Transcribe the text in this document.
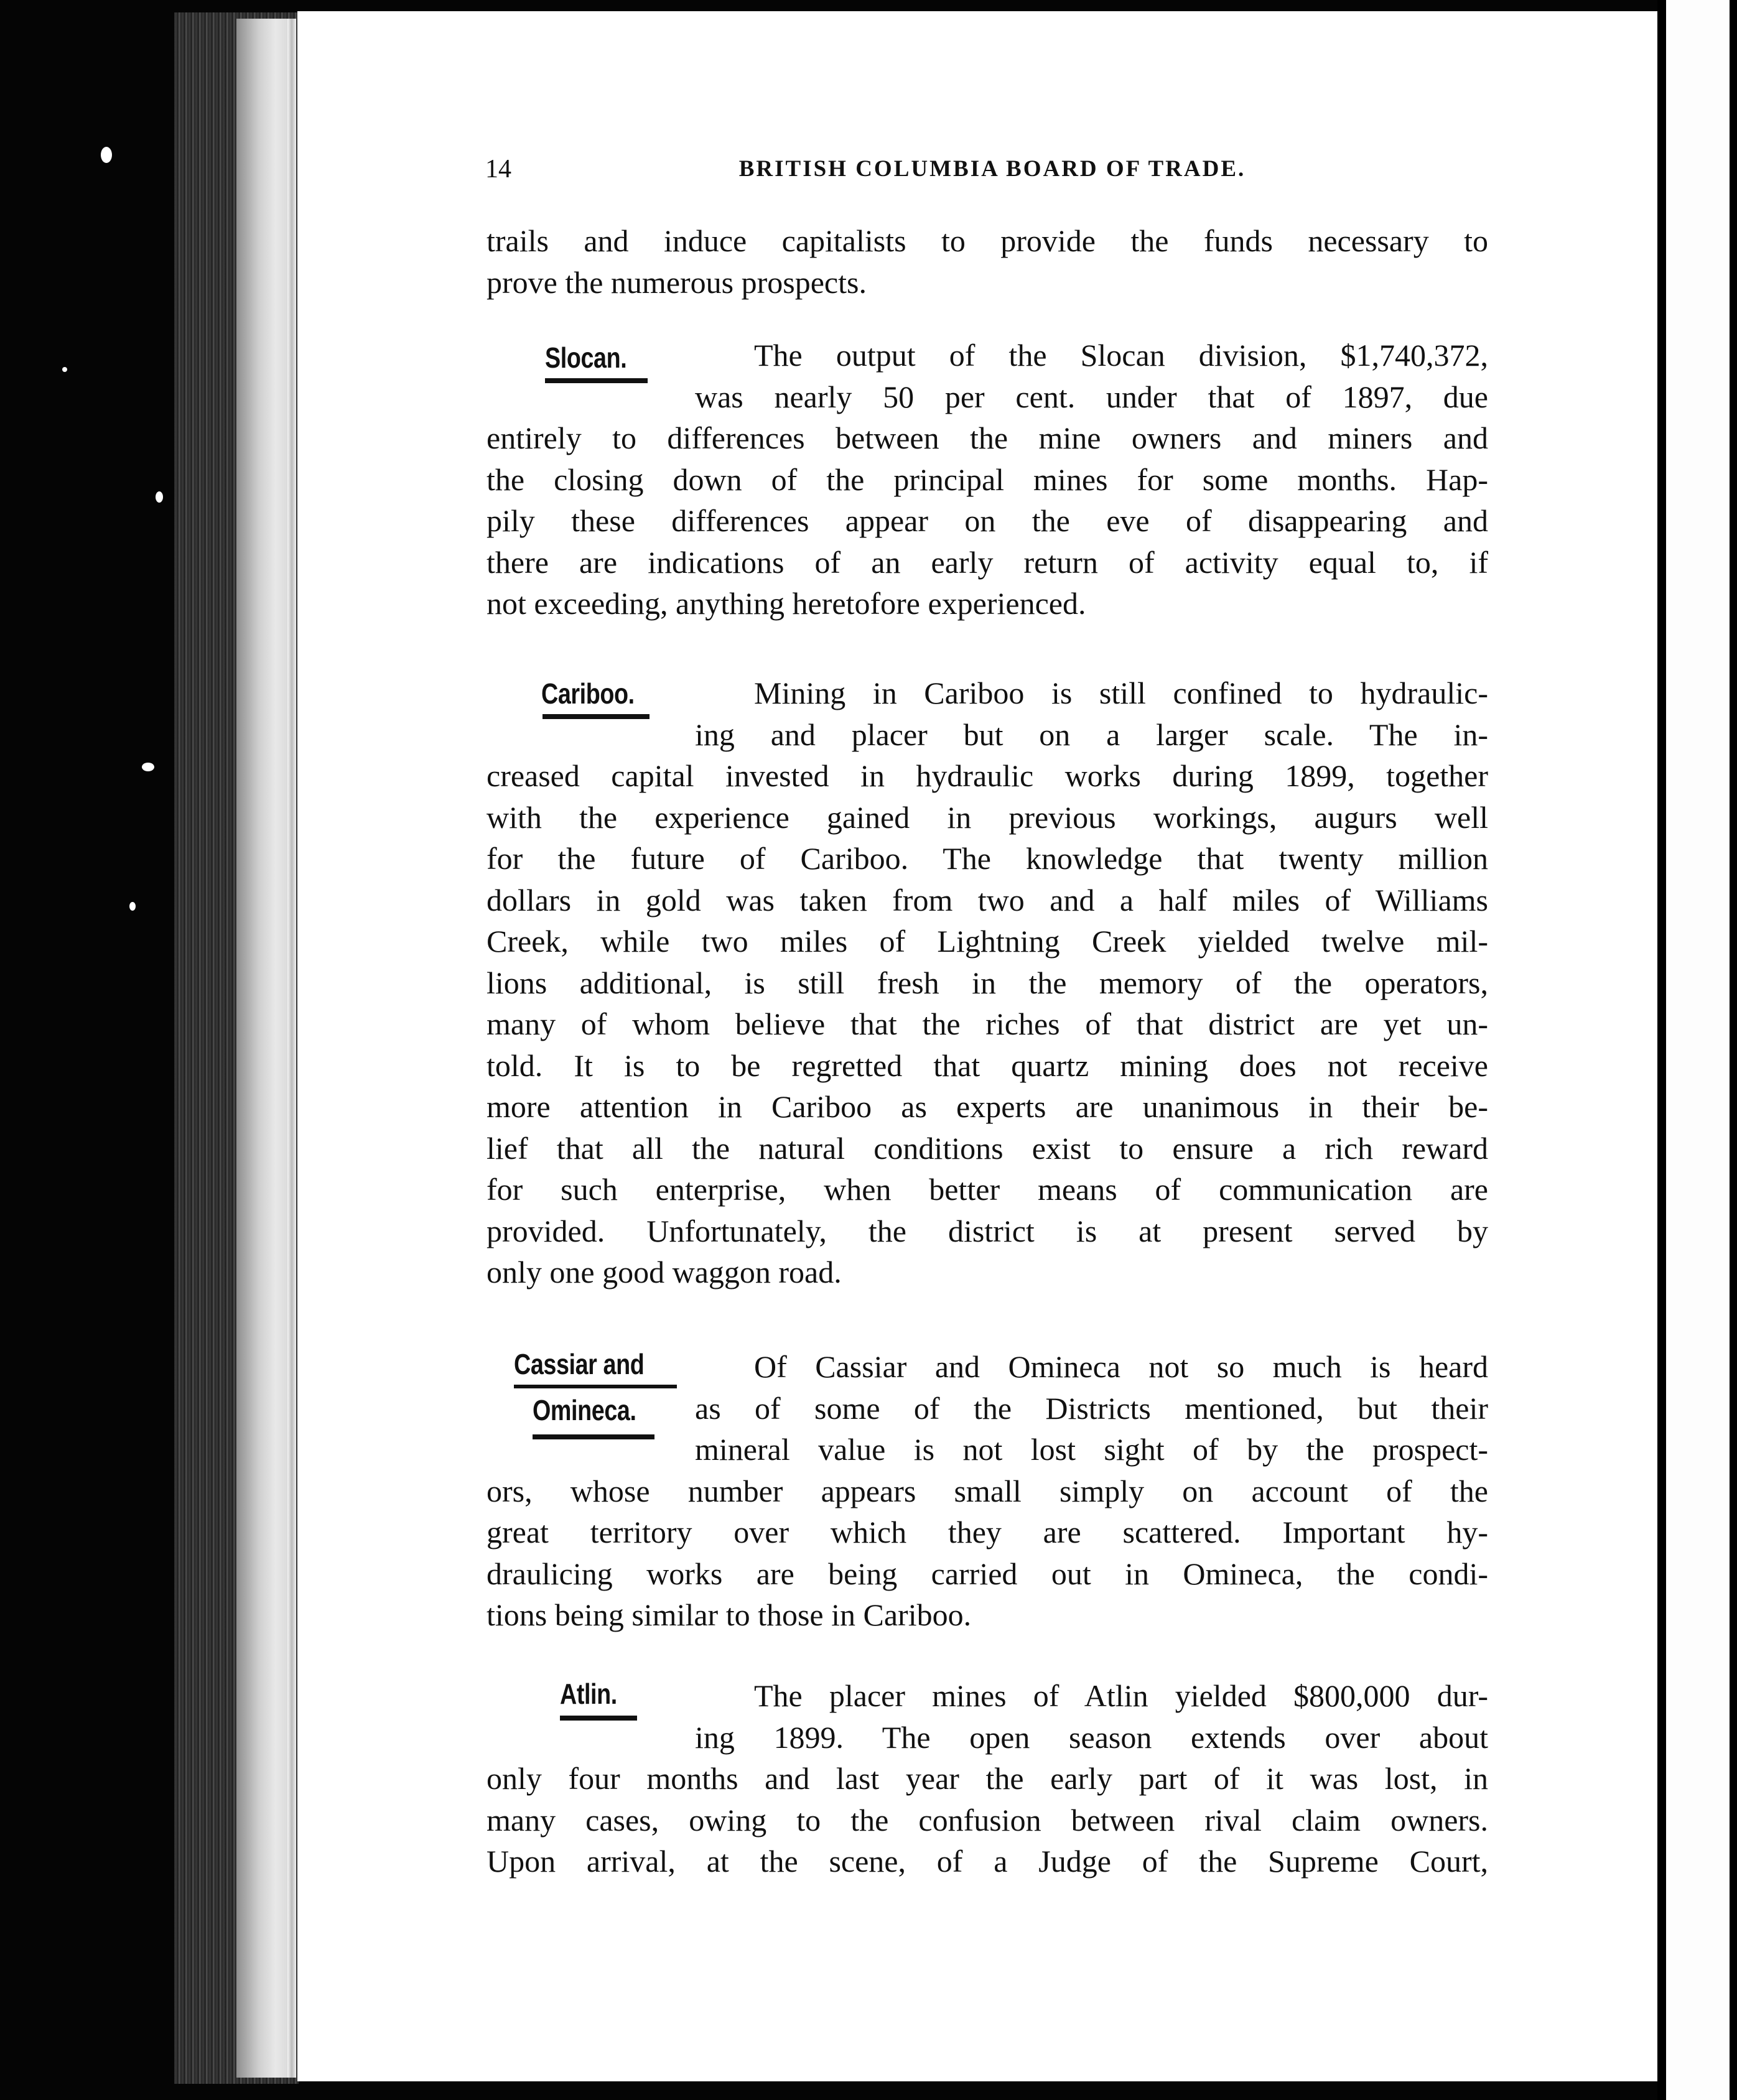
14	BRITISH COLUMBIA BOARD OF TRADE.
trails and induce capitalists to provide the funds necessary to
prove the numerous prospects.
Slocan.	The output of the Slocan division, $1,740,372,
was nearly 50 per cent. under that of 1897, due
entirely to differences between the mine owners and miners and
the closing down of the principal mines for some months. Hap-
pily these differences appear on the eve of disappearing and
there are indications of an early return of activity equal to, if
not exceeding, anything heretofore experienced.
Cariboo.	Mining in Cariboo is still confined to hydraulic-
ing and placer but on a larger scale. The in-
creased capital invested in hydraulic works during 1899, together
with the experience gained in previous workings, augurs well
for the future of Cariboo. The knowledge that twenty million
dollars in gold was taken from two and a half miles of Williams
Creek, while two miles of Lightning Creek yielded twelve mil-
lions additional, is still fresh in the memory of the operators,
many of whom believe that the riches of that district are yet un-
told. It is to be regretted that quartz mining does not receive
more attention in Cariboo as experts are unanimous in their be-
lief that all the natural conditions exist to ensure a rich reward
for such enterprise, when better means of communication are
provided. Unfortunately, the district is at present served by
only one good waggon road.
Cassiar and
Omineca.
Of Cassiar and Omineca not so much is heard
as of some of the Districts mentioned, but their
mineral value is not lost sight of by the prospect-
ors, whose number appears small simply on account of the
great territory over which they are scattered. Important hy-
draulicing works are being carried out in Omineca, the condi-
tions being similar to those in Cariboo.
Atlin.	The placer mines of Atlin yielded $800,000 dur-
ing 1899. The open season extends over about
only four months and last year the early part of it was lost, in
many cases, owing to the confusion between rival claim owners.
Upon arrival, at the scene, of a Judge of the Supreme Court,
